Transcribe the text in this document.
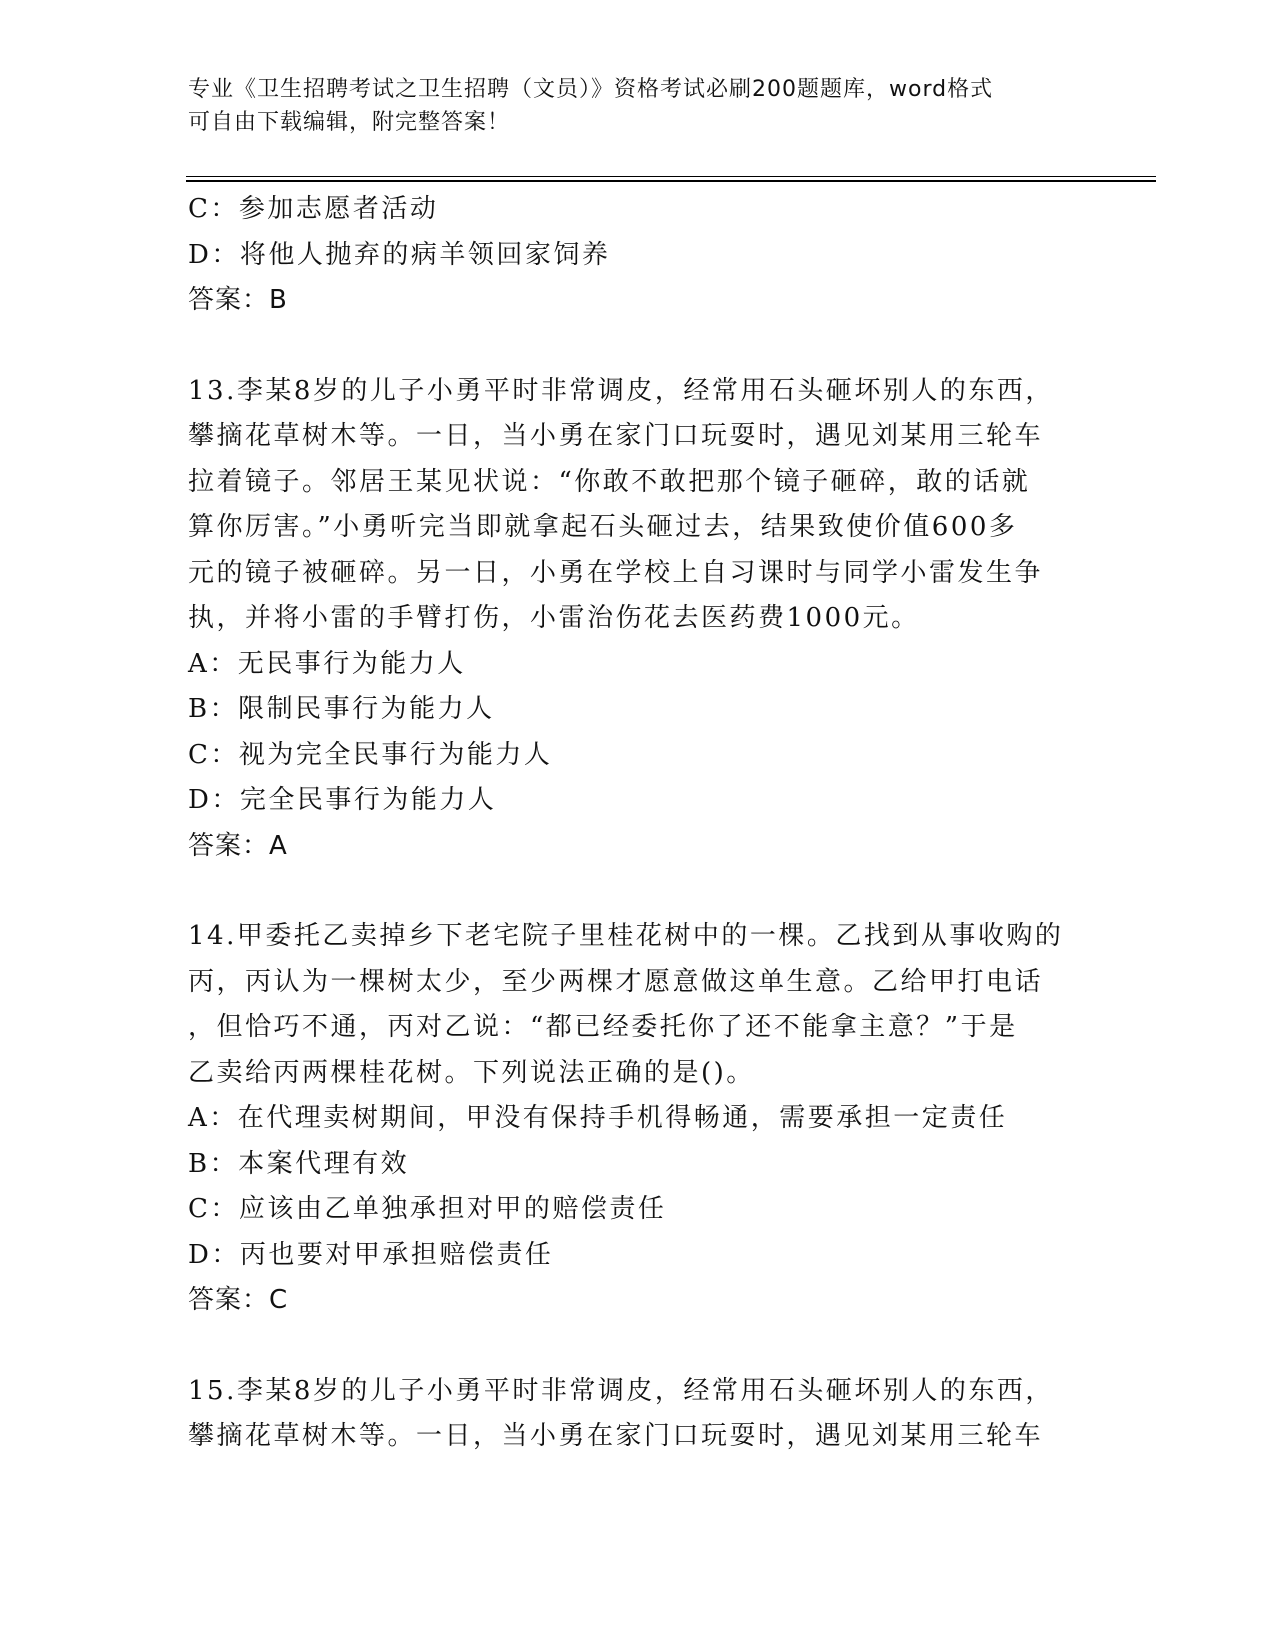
专业《卫生招聘考试之卫生招聘（文员）》资格考试必刷200题题库，word格式
可自由下载编辑，附完整答案！
C：参加志愿者活动
D：将他人抛弃的病羊领回家饲养
答案：B
13.李某8岁的儿子小勇平时非常调皮，经常用石头砸坏别人的东西，
攀摘花草树木等。一日，当小勇在家门口玩耍时，遇见刘某用三轮车
拉着镜子。邻居王某见状说：“你敢不敢把那个镜子砸碎，敢的话就
算你厉害。”小勇听完当即就拿起石头砸过去，结果致使价值600多
元的镜子被砸碎。另一日，小勇在学校上自习课时与同学小雷发生争
执，并将小雷的手臂打伤，小雷治伤花去医药费1000元。
A：无民事行为能力人
B：限制民事行为能力人
C：视为完全民事行为能力人
D：完全民事行为能力人
答案：A
14.甲委托乙卖掉乡下老宅院子里桂花树中的一棵。乙找到从事收购的
丙，丙认为一棵树太少，至少两棵才愿意做这单生意。乙给甲打电话
，但恰巧不通，丙对乙说：“都已经委托你了还不能拿主意？”于是
乙卖给丙两棵桂花树。下列说法正确的是()。
A：在代理卖树期间，甲没有保持手机得畅通，需要承担一定责任
B：本案代理有效
C：应该由乙单独承担对甲的赔偿责任
D：丙也要对甲承担赔偿责任
答案：C
15.李某8岁的儿子小勇平时非常调皮，经常用石头砸坏别人的东西，
攀摘花草树木等。一日，当小勇在家门口玩耍时，遇见刘某用三轮车
